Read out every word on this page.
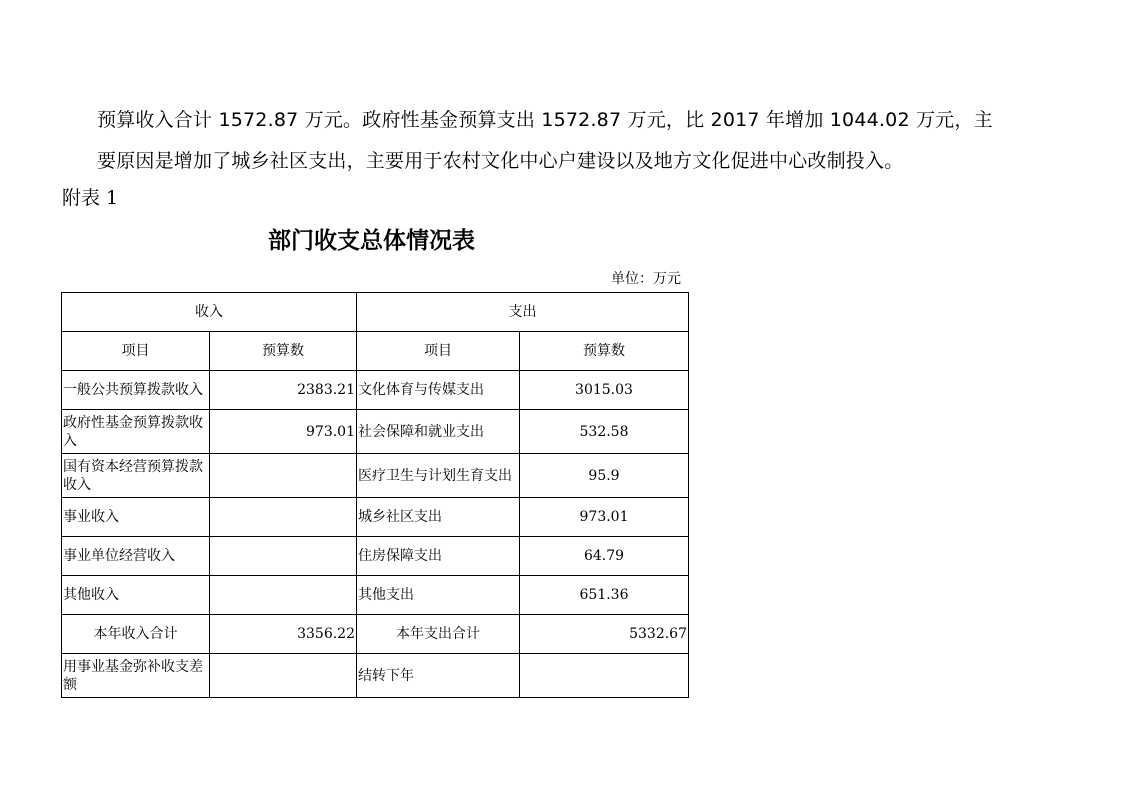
预算收入合计 1572.87 万元。政府性基金预算支出 1572.87 万元，比 2017 年增加 1044.02 万元，主
要原因是增加了城乡社区支出，主要用于农村文化中心户建设以及地方文化促进中心改制投入。
附表 1
部门收支总体情况表
单位：万元
收入		支出	
项目	预算数	项目	预算数
一般公共预算拨款收入	2383.21	文化体育与传媒支出	3015.03
政府性基金预算拨款收入	973.01	社会保障和就业支出	532.58
国有资本经营预算拨款收入		医疗卫生与计划生育支出	95.9
事业收入		城乡社区支出	973.01
事业单位经营收入		住房保障支出	64.79
其他收入		其他支出	651.36
本年收入合计	3356.22	本年支出合计	5332.67
用事业基金弥补收支差额		结转下年	
